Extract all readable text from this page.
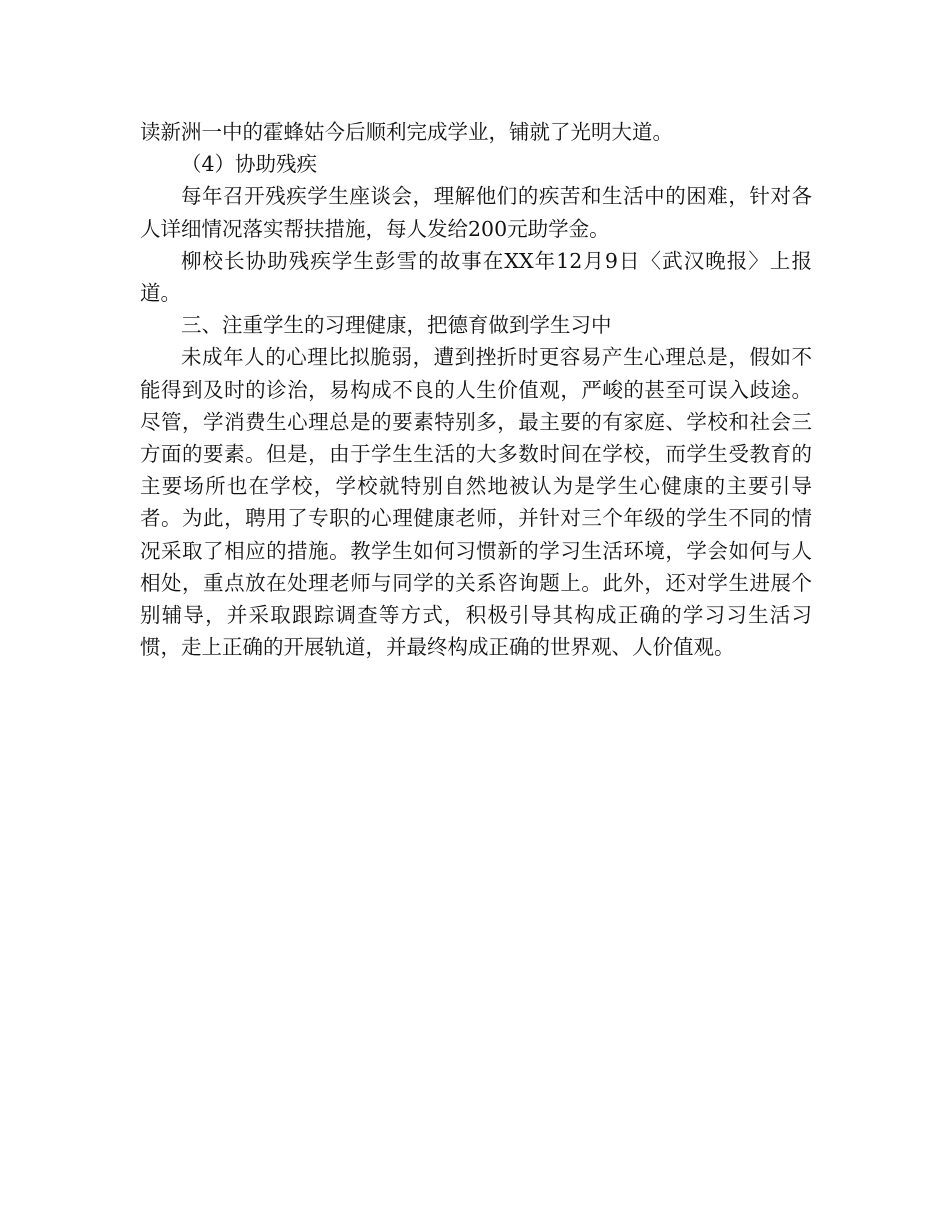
读新洲一中的霍蜂姑今后顺利完成学业，铺就了光明大道。

（4）协助残疾

每年召开残疾学生座谈会，理解他们的疾苦和生活中的困难，针对各人详细情况落实帮扶措施，每人发给200元助学金。

柳校长协助残疾学生彭雪的故事在XX年12月9日〈武汉晚报〉上报道。

三、注重学生的习理健康，把德育做到学生习中

未成年人的心理比拟脆弱，遭到挫折时更容易产生心理总是，假如不能得到及时的诊治，易构成不良的人生价值观，严峻的甚至可误入歧途。尽管，学消费生心理总是的要素特别多，最主要的有家庭、学校和社会三方面的要素。但是，由于学生生活的大多数时间在学校，而学生受教育的主要场所也在学校，学校就特别自然地被认为是学生心健康的主要引导者。为此，聘用了专职的心理健康老师，并针对三个年级的学生不同的情况采取了相应的措施。教学生如何习惯新的学习生活环境，学会如何与人相处，重点放在处理老师与同学的关系咨询题上。此外，还对学生进展个别辅导，并采取跟踪调查等方式，积极引导其构成正确的学习习生活习惯，走上正确的开展轨道，并最终构成正确的世界观、人价值观。
